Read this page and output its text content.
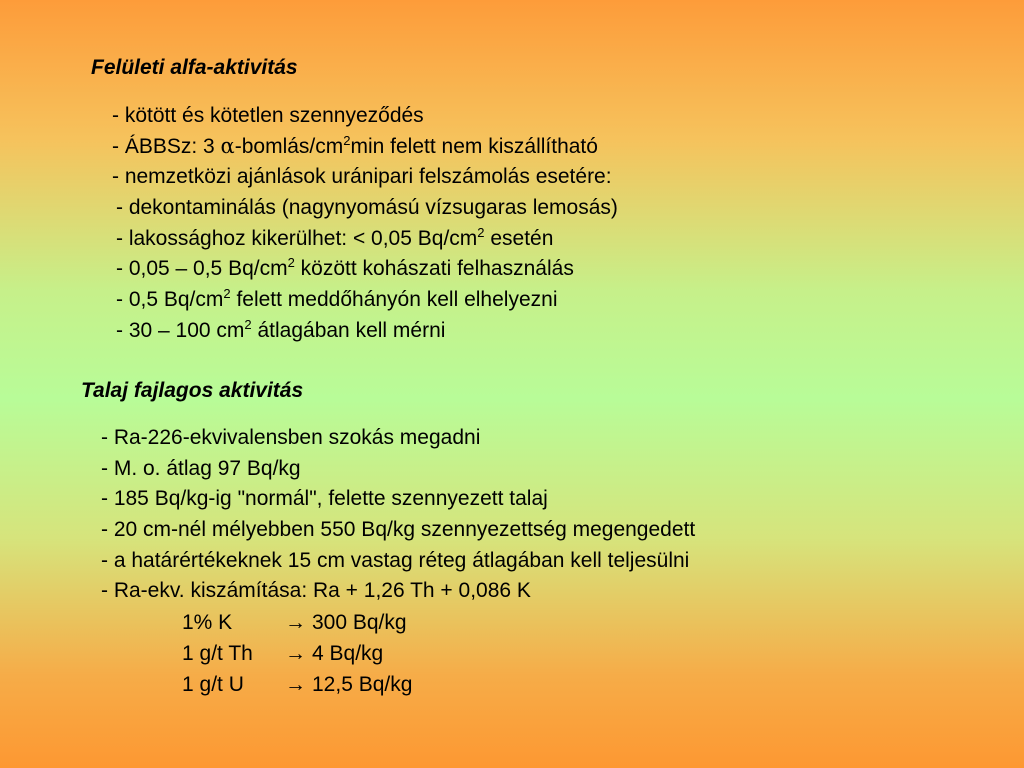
Felületi alfa-aktivitás
- kötött és kötetlen szennyeződés
- ÁBBSz: 3 $\alpha-bomlás/cm^2\min$ felett nem kiszállítható
- nemzetközi ajánlások uránipari felszámolás esetére:
- dekontaminálás (nagynyomású vízsugaras lemosás)
- lakossághoz kikerülhet: < 0,05 $Bq/cm^2$ esetén
- 0,05 – 0,5 $Bq/cm^2$ között kohászati felhasználás
- 0,5 $Bq/cm^2$ felett meddőhányón kell elhelyezni
- 30 – 100 $cm^2$ átlagában kell mérni
Talaj fajlagos aktivitás
- Ra-226-ekvivalensben szokás megadni
- M. o. átlag 97 Bq/kg
- 185 Bq/kg-ig "normál", felette szennyezett talaj
- 20 cm-nél mélyebben 550 Bq/kg szennyezettség megengedett
- a határértékeknek 15 cm vastag réteg átlagában kell teljesülni
- Ra-ekv. kiszámítása: Ra + 1,26 Th + 0,086 K
1% K	→ 300 Bq/kg
1 g/t Th → 4 Bq/kg
1 g/t U → 12,5 Bq/kg
